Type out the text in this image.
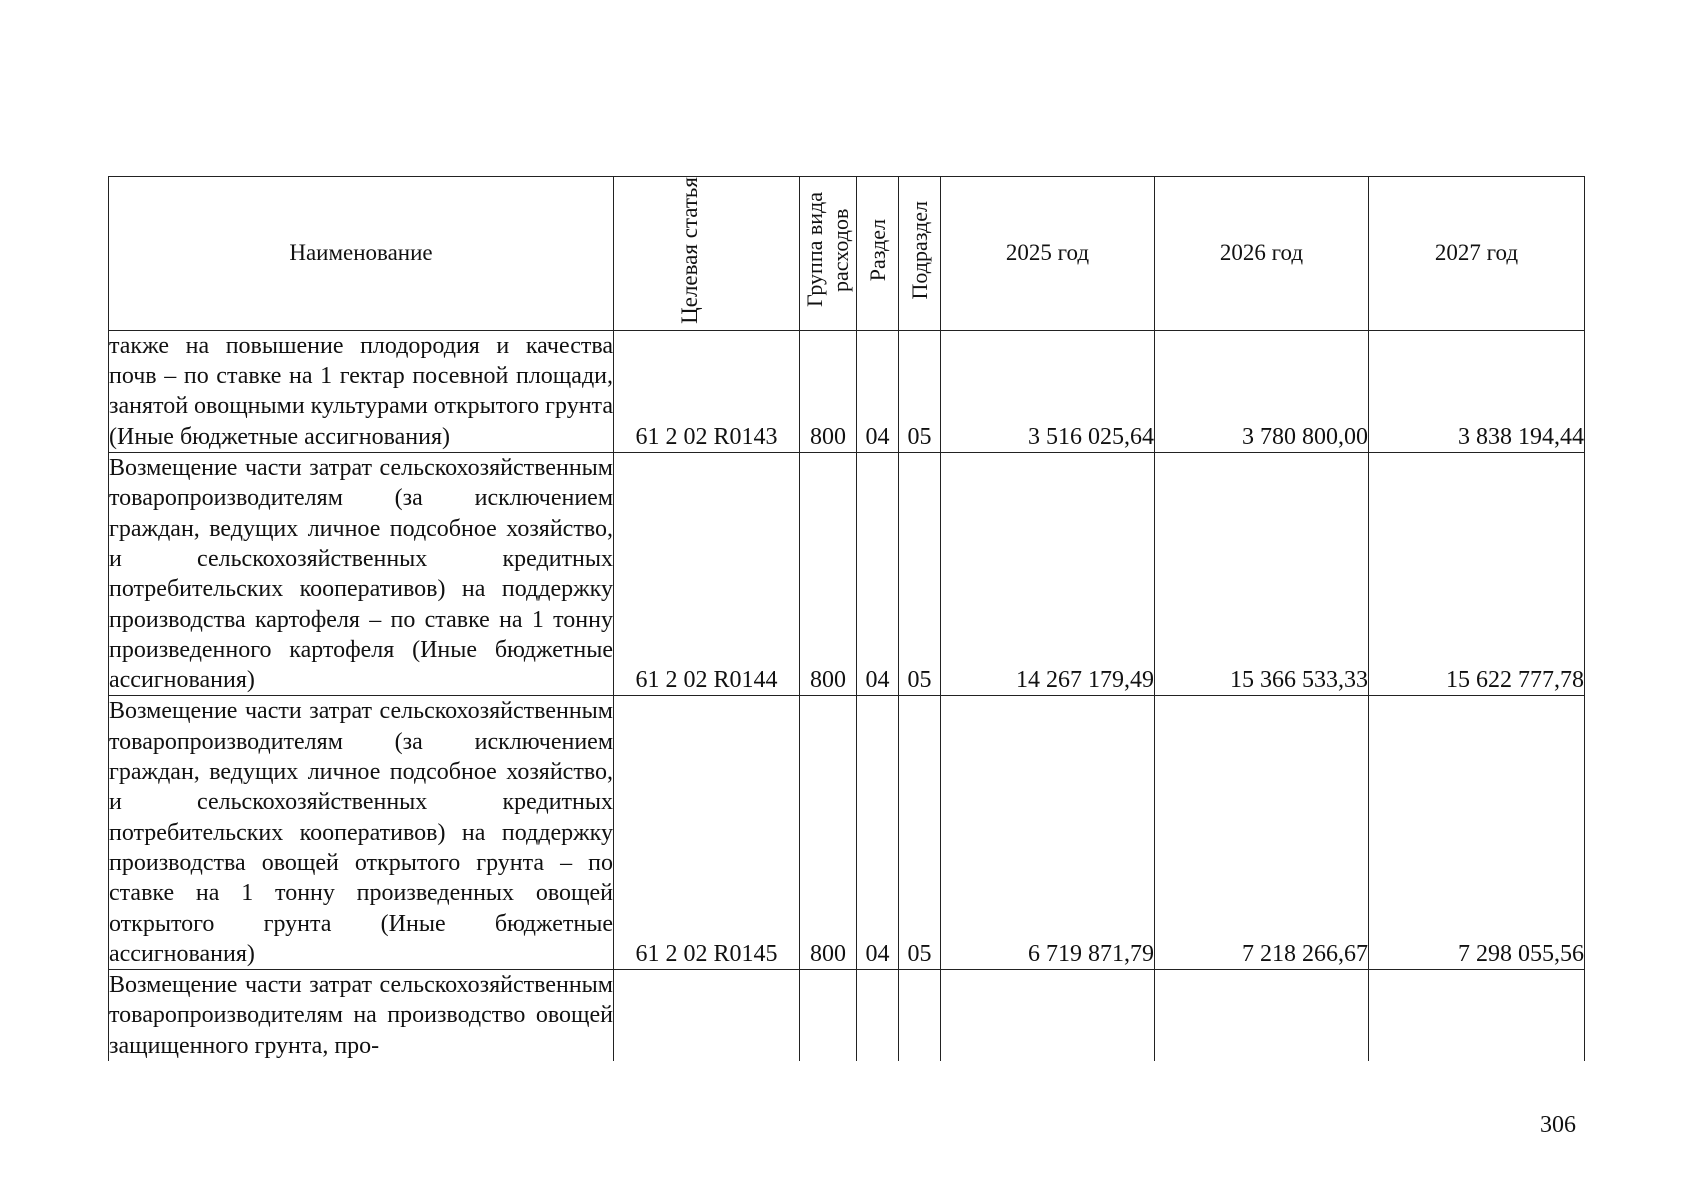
Наименование	Целевая статья	Группа вида расходов	Раздел	Подраздел	2025 год	2026 год	2027 год
также на повышение плодородия и качества почв – по ставке на 1 гектар посевной площади, занятой овощными культурами открытого грунта (Иные бюджетные ассигнования)	61 2 02 R0143	800	04	05	3 516 025,64	3 780 800,00	3 838 194,44
Возмещение части затрат сельскохозяйственным товаропроизводителям (за исключением граждан, ведущих личное подсобное хозяйство, и сельскохозяйственных кредитных потребительских кооперативов) на поддержку производства картофеля – по ставке на 1 тонну произведенного картофеля (Иные бюджетные ассигнования)	61 2 02 R0144	800	04	05	14 267 179,49	15 366 533,33	15 622 777,78
Возмещение части затрат сельскохозяйственным товаропроизводителям (за исключением граждан, ведущих личное подсобное хозяйство, и сельскохозяйственных кредитных потребительских кооперативов) на поддержку производства овощей открытого грунта – по ставке на 1 тонну произведенных овощей открытого грунта (Иные бюджетные ассигнования)	61 2 02 R0145	800	04	05	6 719 871,79	7 218 266,67	7 298 055,56

Возмещение части затрат сельскохозяйственным товаропроизводителям на производство овощей защищенного грунта, про-							

306
